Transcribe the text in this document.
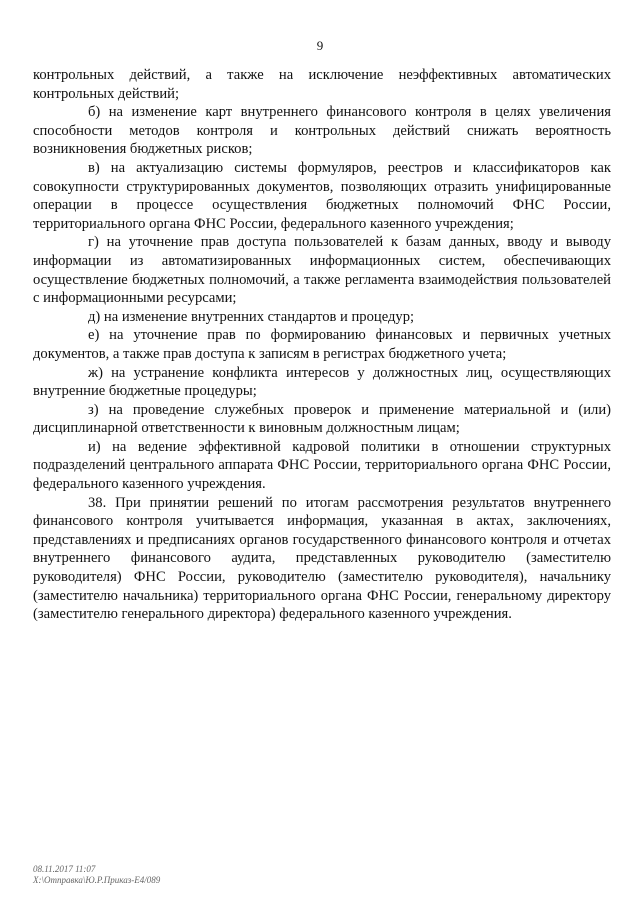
9

контрольных действий, а также на исключение неэффективных автоматических контрольных действий;

б) на изменение карт внутреннего финансового контроля в целях увеличения способности методов контроля и контрольных действий снижать вероятность возникновения бюджетных рисков;

в) на актуализацию системы формуляров, реестров и классификаторов как совокупности структурированных документов, позволяющих отразить унифицированные операции в процессе осуществления бюджетных полномочий ФНС России, территориального органа ФНС России, федерального казенного учреждения;

г) на уточнение прав доступа пользователей к базам данных, вводу и выводу информации из автоматизированных информационных систем, обеспечивающих осуществление бюджетных полномочий, а также регламента взаимодействия пользователей с информационными ресурсами;

д) на изменение внутренних стандартов и процедур;

е) на уточнение прав по формированию финансовых и первичных учетных документов, а также прав доступа к записям в регистрах бюджетного учета;

ж) на устранение конфликта интересов у должностных лиц, осуществляющих внутренние бюджетные процедуры;

з) на проведение служебных проверок и применение материальной и (или) дисциплинарной ответственности к виновным должностным лицам;

и) на ведение эффективной кадровой политики в отношении структурных подразделений центрального аппарата ФНС России, территориального органа ФНС России, федерального казенного учреждения.

38. При принятии решений по итогам рассмотрения результатов внутреннего финансового контроля учитывается информация, указанная в актах, заключениях, представлениях и предписаниях органов государственного финансового контроля и отчетах внутреннего финансового аудита, представленных руководителю (заместителю руководителя) ФНС России, руководителю (заместителю руководителя), начальнику (заместителю начальника) территориального органа ФНС России, генеральному директору (заместителю генерального директора) федерального казенного учреждения.

08.11.2017 11:07
X:\Отправка\Ю.Р.Приказ-Е4/089
